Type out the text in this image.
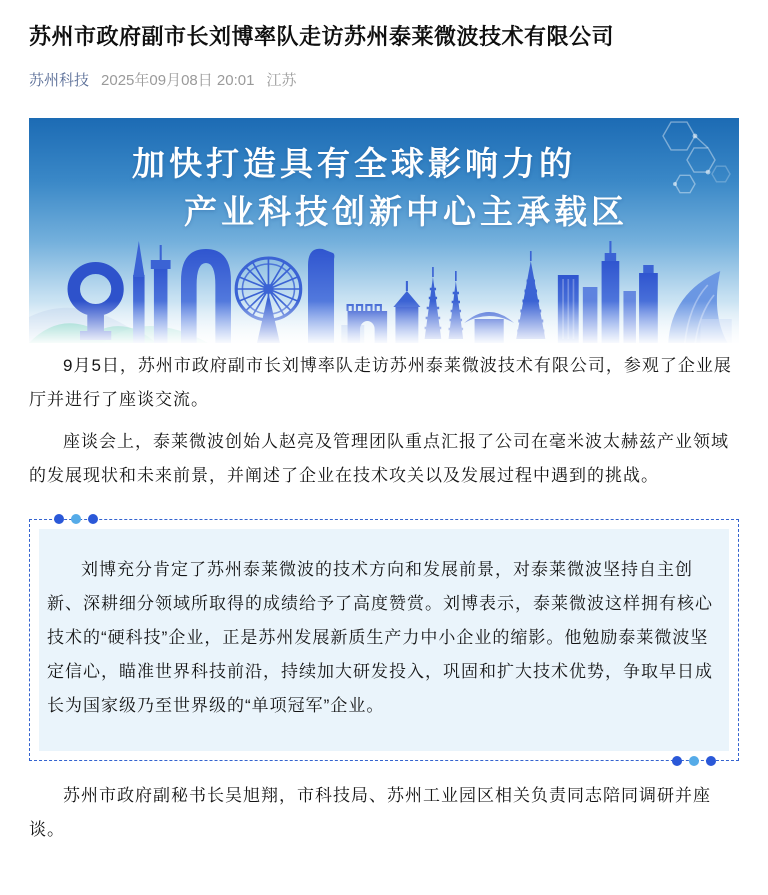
苏州市政府副市长刘博率队走访苏州泰莱微波技术有限公司
苏州科技 2025年09月08日 20:01 江苏
加快打造具有全球影响力的
产业科技创新中心主承载区

9月5日，苏州市政府副市长刘博率队走访苏州泰莱微波技术有限公司，参观了企业展厅并进行了座谈交流。

座谈会上，泰莱微波创始人赵亮及管理团队重点汇报了公司在毫米波太赫兹产业领域的发展现状和未来前景，并阐述了企业在技术攻关以及发展过程中遇到的挑战。

刘博充分肯定了苏州泰莱微波的技术方向和发展前景，对泰莱微波坚持自主创新、深耕细分领域所取得的成绩给予了高度赞赏。刘博表示，泰莱微波这样拥有核心技术的“硬科技”企业，正是苏州发展新质生产力中小企业的缩影。他勉励泰莱微波坚定信心，瞄准世界科技前沿，持续加大研发投入，巩固和扩大技术优势，争取早日成长为国家级乃至世界级的“单项冠军”企业。

苏州市政府副秘书长吴旭翔，市科技局、苏州工业园区相关负责同志陪同调研并座谈。
